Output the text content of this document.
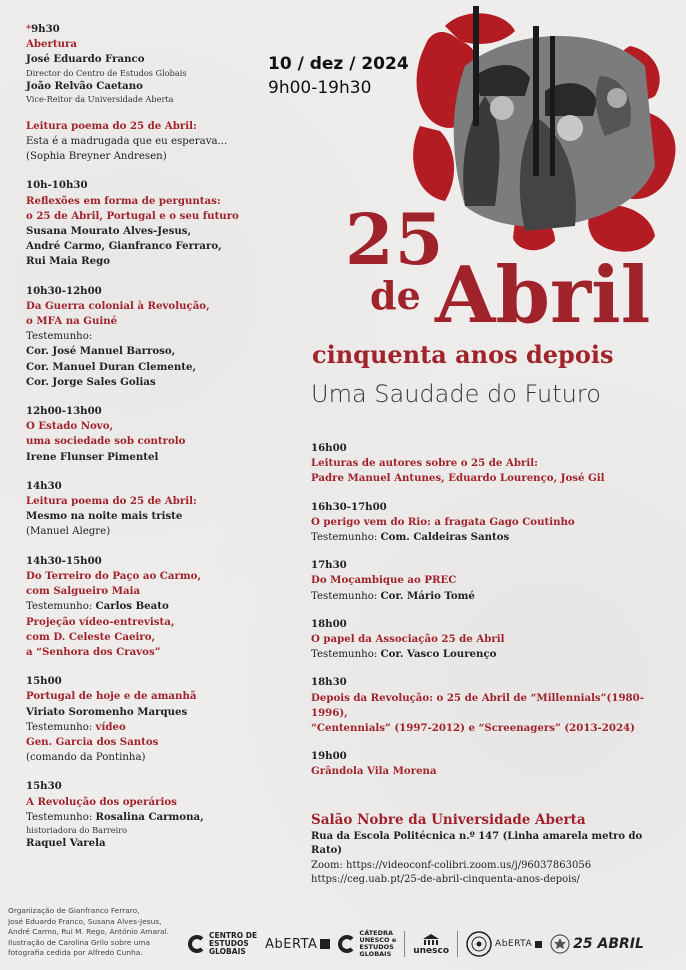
*9h30
Abertura
José Eduardo Franco
Director do Centro de Estudos Globais
João Relvão Caetano
Vice-Reitor da Universidade Aberta
Leitura poema do 25 de Abril:
Esta é a madrugada que eu esperava...
(Sophia Breyner Andresen)
10h-10h30
Reflexões em forma de perguntas:
o 25 de Abril, Portugal e o seu futuro
Susana Mourato Alves-Jesus,
André Carmo, Gianfranco Ferraro,
Rui Maia Rego
10h30-12h00
Da Guerra colonial à Revolução,
o MFA na Guiné
Testemunho:
Cor. José Manuel Barroso,
Cor. Manuel Duran Clemente,
Cor. Jorge Sales Golias
12h00-13h00
O Estado Novo,
uma sociedade sob controlo
Irene Flunser Pimentel
14h30
Leitura poema do 25 de Abril:
Mesmo na noite mais triste
(Manuel Alegre)
14h30-15h00
Do Terreiro do Paço ao Carmo,
com Salgueiro Maia
Testemunho: Carlos Beato
Projeção vídeo-entrevista,
com D. Celeste Caeiro,
a “Senhora dos Cravos”
15h00
Portugal de hoje e de amanhã
Viriato Soromenho Marques
Testemunho: vídeo
Gen. Garcia dos Santos
(comando da Pontinha)
15h30
A Revolução dos operários
Testemunho: Rosalina Carmona,
historiadora do Barreiro
Raquel Varela
10 / dez / 2024
9h00-19h30
25
de Abril
cinquenta anos depois
Uma Saudade do Futuro
16h00
Leituras de autores sobre o 25 de Abril:
Padre Manuel Antunes, Eduardo Lourenço, José Gil
16h30-17h00
O perigo vem do Rio: a fragata Gago Coutinho
Testemunho: Com. Caldeiras Santos
17h30
Do Moçambique ao PREC
Testemunho: Cor. Mário Tomé
18h00
O papel da Associação 25 de Abril
Testemunho: Cor. Vasco Lourenço
18h30
Depois da Revolução: o 25 de Abril de “Millennials”(1980-1996),
“Centennials” (1997-2012) e “Screenagers” (2013-2024)
19h00
Grândola Vila Morena
Salão Nobre da Universidade Aberta
Rua da Escola Politécnica n.º 147 (Linha amarela metro do Rato)
Zoom: https://videoconf-colibri.zoom.us/j/96037863056
https://ceg.uab.pt/25-de-abril-cinquenta-anos-depois/
Organização de Gianfranco Ferraro,
José Eduardo Franco, Susana Alves-Jesus,
André Carmo, Rui M. Rego, António Amaral.
Ilustração de Carolina Grilo sobre uma
fotografia cedida por Alfredo Cunha.
CENTRO DE
ESTUDOS
GLOBAIS	AbERTA
CÁTEDRA
UNESCO e
ESTUDOS
GLOBAIS	unesco
AbERTA	25 ABRIL
